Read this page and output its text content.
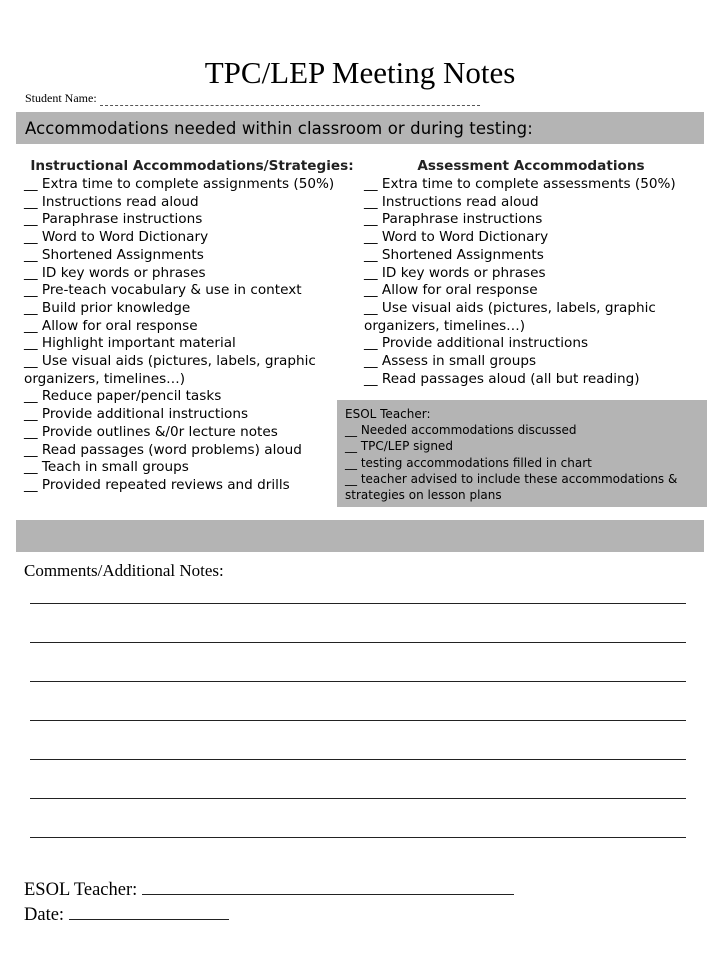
TPC/LEP Meeting Notes
Student Name:
Accommodations needed within classroom or during testing:
Instructional Accommodations/Strategies:
__ Extra time to complete assignments (50%)
__ Instructions read aloud
__ Paraphrase instructions
__ Word to Word Dictionary
__ Shortened Assignments
__ ID key words or phrases
__ Pre-teach vocabulary & use in context
__ Build prior knowledge
__ Allow for oral response
__ Highlight important material
__ Use visual aids (pictures, labels, graphic organizers, timelines…)
__ Reduce paper/pencil tasks
__ Provide additional instructions
__ Provide outlines &/0r lecture notes
__ Read passages (word problems) aloud
__ Teach in small groups
__ Provided repeated reviews and drills
Assessment Accommodations
__ Extra time to complete assessments (50%)
__ Instructions read aloud
__ Paraphrase instructions
__ Word to Word Dictionary
__ Shortened Assignments
__ ID key words or phrases
__ Allow for oral response
__ Use visual aids (pictures, labels, graphic organizers, timelines…)
__ Provide additional instructions
__ Assess in small groups
__ Read passages aloud (all but reading)
ESOL Teacher:
__ Needed accommodations discussed
__ TPC/LEP signed
__ testing accommodations filled in chart
__ teacher advised to include these accommodations & strategies on lesson plans
Comments/Additional Notes:
ESOL Teacher:
Date:
